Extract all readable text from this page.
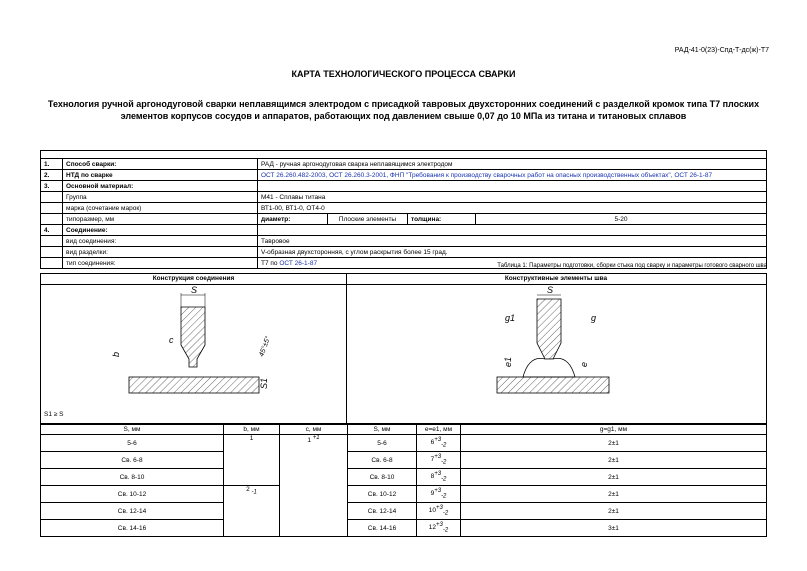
РАД-41-0(23)-Спд-Т-дс(ж)-Т7
КАРТА ТЕХНОЛОГИЧЕСКОГО ПРОЦЕССА СВАРКИ
Технология ручной аргонодуговой сварки неплавящимся электродом с присадкой тавровых двухсторонних соединений с разделкой кромок типа Т7 плоских элементов корпусов сосудов и аппаратов, работающих под давлением свыше 0,07 до 10 МПа из титана и титановых сплавов

1.	Способ сварки:	РАД - ручная аргонодуговая сварка неплавящимся электродом			
2.	НТД по сварке	ОСТ 26.260.482-2003, ОСТ 26.260.3-2001, ФНП "Требования к производству сварочных работ на опасных производственных объектах", ОСТ 26-1-87			
3.	Основной материал:				
	Группа	М41 - Сплавы титана			
	марка (сочетание марок)	ВТ1-00, ВТ1-0, ОТ4-0			
	типоразмер, мм	диаметр:	Плоские элементы	толщина:	5-20
4.	Соединение:				
	вид соединения:	Тавровое			
	вид разделки:	V-образная двухсторонняя, с углом раскрытия более 15 град.			
	тип соединения:	Т7 по ОСТ 26-1-87				Таблица 1: Параметры подготовки, сборки стыка под сварку и параметры готового сварного шва
Конструкция соединения	Конструктивные элементы шва
S
c
b	45°±5°
S1
S
g1	g
e1	e
S1 ≥ S
S, мм	b, мм	c, мм	S, мм	e=e1, мм	g=g1, мм
5-6	1	1 $^{+1}$	5-6	$6^{+3}_{-2}$	2±1
Св. 6-8			Св. 6-8	$7^{+3}_{-2}$	2±1
Св. 8-10			Св. 8-10	$8^{+3}_{-2}$	2±1
Св. 10-12	2 $_{-1}$		Св. 10-12	$9^{+3}_{-2}$	2±1
Св. 12-14			Св. 12-14	$10^{+3}_{-2}$	2±1
Св. 14-16			Св. 14-16	$12^{+3}_{-2}$	3±1
